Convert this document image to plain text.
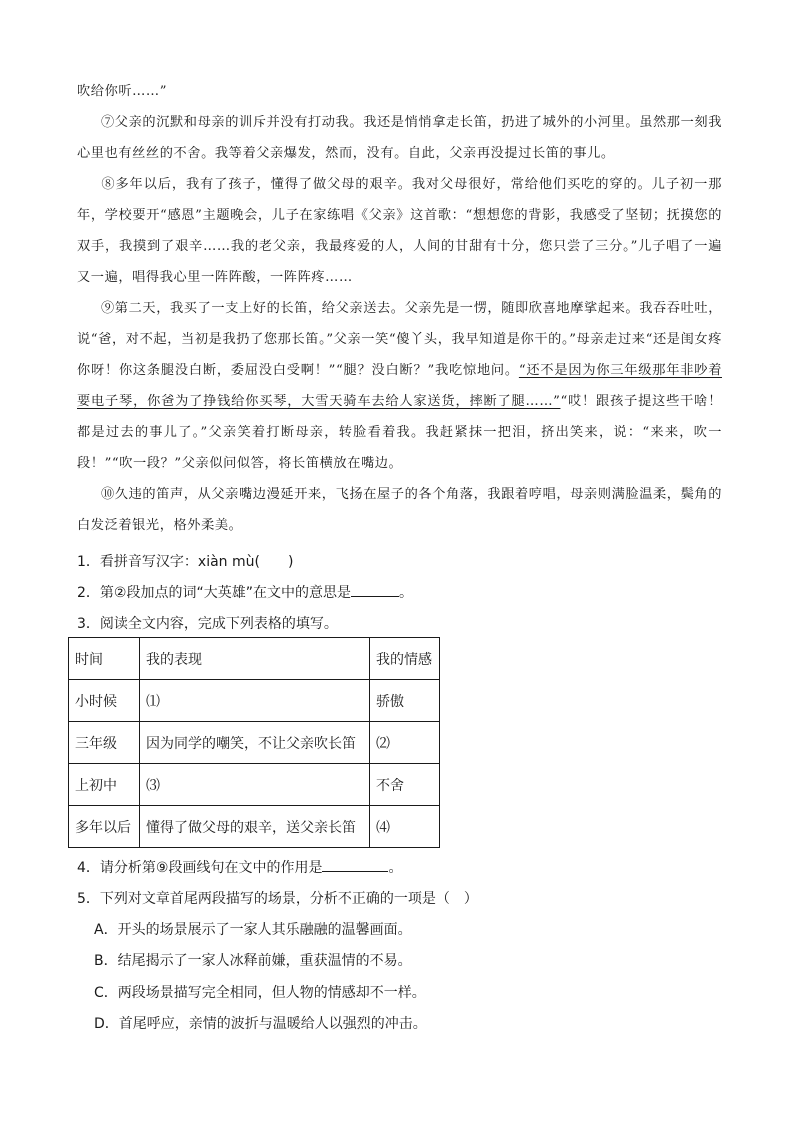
吹给你听……”

⑦父亲的沉默和母亲的训斥并没有打动我。我还是悄悄拿走长笛，扔进了城外的小河里。虽然那一刻我心里也有丝丝的不舍。我等着父亲爆发，然而，没有。自此，父亲再没提过长笛的事儿。

⑧多年以后，我有了孩子，懂得了做父母的艰辛。我对父母很好，常给他们买吃的穿的。儿子初一那年，学校要开“感恩”主题晚会，儿子在家练唱《父亲》这首歌：“想想您的背影，我感受了坚韧；抚摸您的双手，我摸到了艰辛……我的老父亲，我最疼爱的人，人间的甘甜有十分，您只尝了三分。”儿子唱了一遍又一遍，唱得我心里一阵阵酸，一阵阵疼……

⑨第二天，我买了一支上好的长笛，给父亲送去。父亲先是一愣，随即欣喜地摩挲起来。我吞吞吐吐，说“爸，对不起，当初是我扔了您那长笛。”父亲一笑“傻丫头，我早知道是你干的。”母亲走过来“还是闺女疼你呀！你这条腿没白断，委屈没白受啊！”“腿？没白断？”我吃惊地问。“还不是因为你三年级那年非吵着要电子琴，你爸为了挣钱给你买琴，大雪天骑车去给人家送货，摔断了腿……”“哎！跟孩子提这些干啥！都是过去的事儿了。”父亲笑着打断母亲，转脸看着我。我赶紧抹一把泪，挤出笑来，说：“来来，吹一段！”“吹一段？”父亲似问似答，将长笛横放在嘴边。

⑩久违的笛声，从父亲嘴边漫延开来，飞扬在屋子的各个角落，我跟着哼唱，母亲则满脸温柔，鬓角的白发泛着银光，格外柔美。

1．看拼音写汉字：xiàn mù(　　)
2．第②段加点的词“大英雄”在文中的意思是	。
3．阅读全文内容，完成下列表格的填写。
时间	我的表现	我的情感
小时候	⑴	骄傲
三年级	因为同学的嘲笑，不让父亲吹长笛	⑵
上初中	⑶	不舍
多年以后	懂得了做父母的艰辛，送父亲长笛	⑷
4．请分析第⑨段画线句在文中的作用是	。
5．下列对文章首尾两段描写的场景，分析不正确的一项是（　）
A．开头的场景展示了一家人其乐融融的温馨画面。
B．结尾揭示了一家人冰释前嫌，重获温情的不易。
C．两段场景描写完全相同，但人物的情感却不一样。
D．首尾呼应，亲情的波折与温暖给人以强烈的冲击。
